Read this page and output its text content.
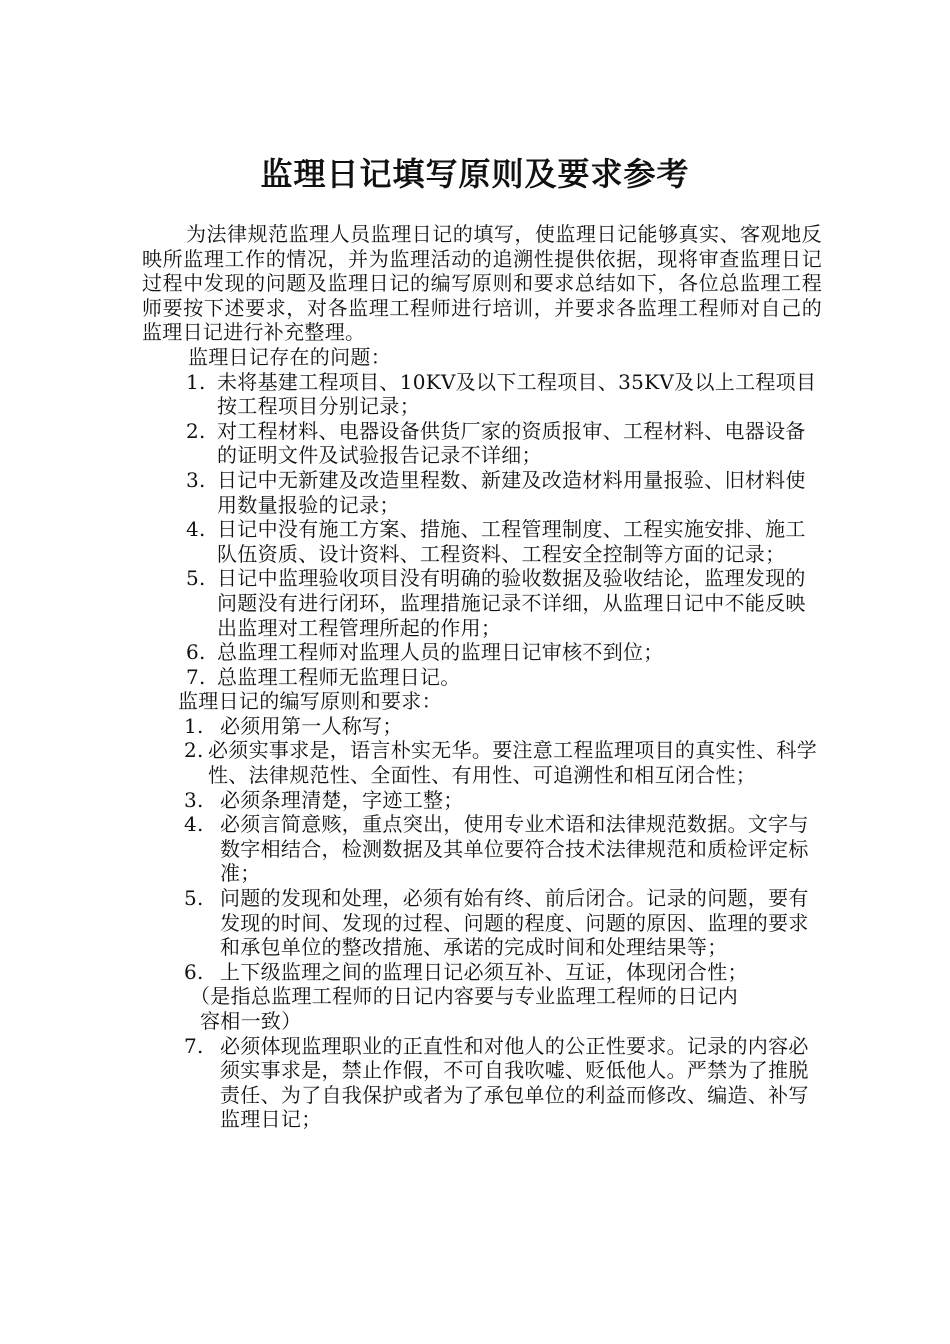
监理日记填写原则及要求参考

为法律规范监理人员监理日记的填写，使监理日记能够真实、客观地反映所监理工作的情况，并为监理活动的追溯性提供依据，现将审查监理日记过程中发现的问题及监理日记的编写原则和要求总结如下，各位总监理工程师要按下述要求，对各监理工程师进行培训，并要求各监理工程师对自己的监理日记进行补充整理。

监理日记存在的问题：

1. 未将基建工程项目、10KV及以下工程项目、35KV及以上工程项目按工程项目分别记录；
2. 对工程材料、电器设备供货厂家的资质报审、工程材料、电器设备的证明文件及试验报告记录不详细；
3. 日记中无新建及改造里程数、新建及改造材料用量报验、旧材料使用数量报验的记录；
4. 日记中没有施工方案、措施、工程管理制度、工程实施安排、施工队伍资质、设计资料、工程资料、工程安全控制等方面的记录；
5. 日记中监理验收项目没有明确的验收数据及验收结论，监理发现的问题没有进行闭环，监理措施记录不详细，从监理日记中不能反映出监理对工程管理所起的作用；
6. 总监理工程师对监理人员的监理日记审核不到位；
7. 总监理工程师无监理日记。

监理日记的编写原则和要求：

1. 必须用第一人称写；
2. 必须实事求是，语言朴实无华。要注意工程监理项目的真实性、科学性、法律规范性、全面性、有用性、可追溯性和相互闭合性；
3. 必须条理清楚，字迹工整；
4. 必须言简意赅，重点突出，使用专业术语和法律规范数据。文字与数字相结合，检测数据及其单位要符合技术法律规范和质检评定标准；
5. 问题的发现和处理，必须有始有终、前后闭合。记录的问题，要有发现的时间、发现的过程、问题的程度、问题的原因、监理的要求和承包单位的整改措施、承诺的完成时间和处理结果等；
6. 上下级监理之间的监理日记必须互补、互证，体现闭合性；
（是指总监理工程师的日记内容要与专业监理工程师的日记内
容相一致）
7. 必须体现监理职业的正直性和对他人的公正性要求。记录的内容必须实事求是，禁止作假，不可自我吹嘘、贬低他人。严禁为了推脱责任、为了自我保护或者为了承包单位的利益而修改、编造、补写监理日记；
